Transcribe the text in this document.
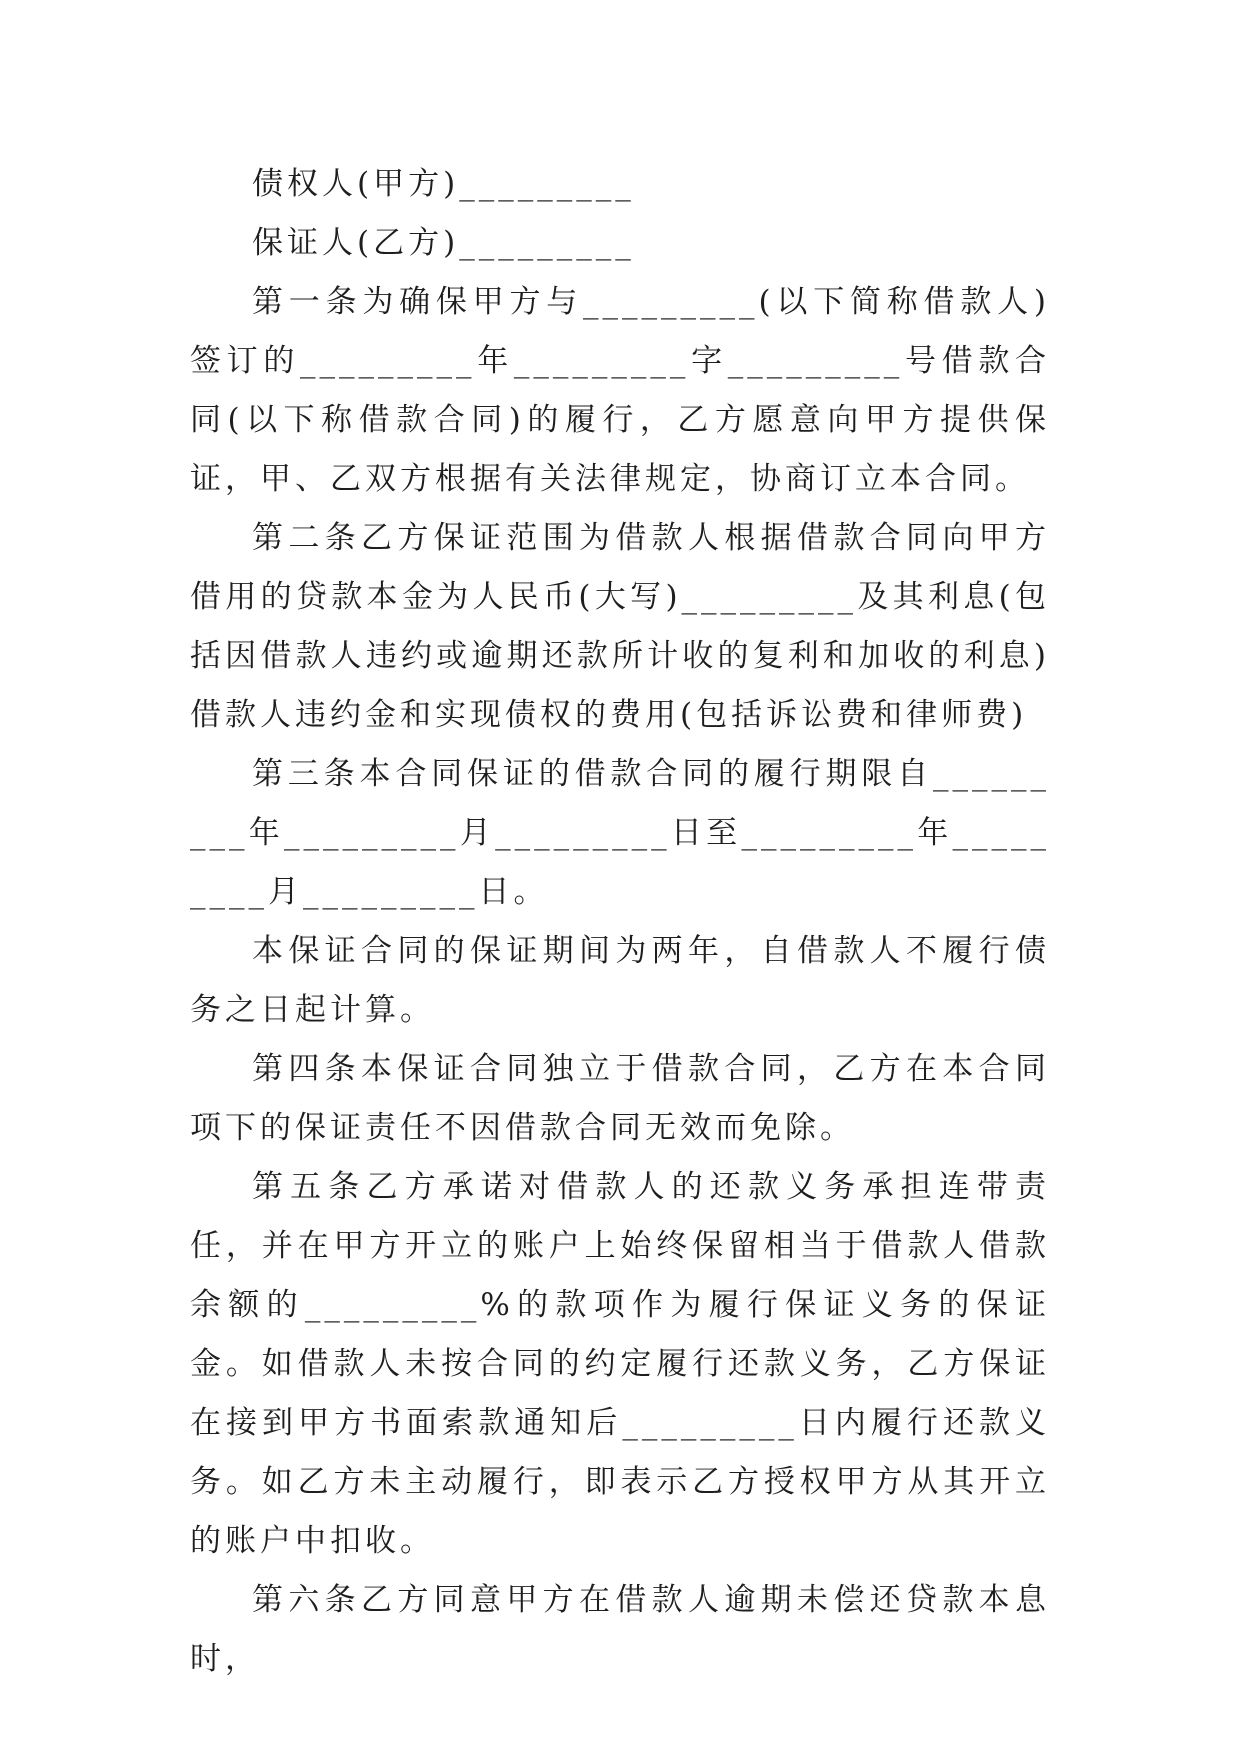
债权人(甲方)_________

保证人(乙方)_________

第一条为确保甲方与_________(以下简称借款人)签订的_________年_________字_________号借款合同(以下称借款合同)的履行，乙方愿意向甲方提供保证，甲、乙双方根据有关法律规定，协商订立本合同。

第二条乙方保证范围为借款人根据借款合同向甲方借用的贷款本金为人民币(大写)_________及其利息(包括因借款人违约或逾期还款所计收的复利和加收的利息)借款人违约金和实现债权的费用(包括诉讼费和律师费)

第三条本合同保证的借款合同的履行期限自_________年_________月_________日至_________年_________月_________日。

本保证合同的保证期间为两年，自借款人不履行债务之日起计算。

第四条本保证合同独立于借款合同，乙方在本合同项下的保证责任不因借款合同无效而免除。

第五条乙方承诺对借款人的还款义务承担连带责任，并在甲方开立的账户上始终保留相当于借款人借款余额的_________%的款项作为履行保证义务的保证金。如借款人未按合同的约定履行还款义务，乙方保证在接到甲方书面索款通知后_________日内履行还款义务。如乙方未主动履行，即表示乙方授权甲方从其开立的账户中扣收。

第六条乙方同意甲方在借款人逾期未偿还贷款本息时，
